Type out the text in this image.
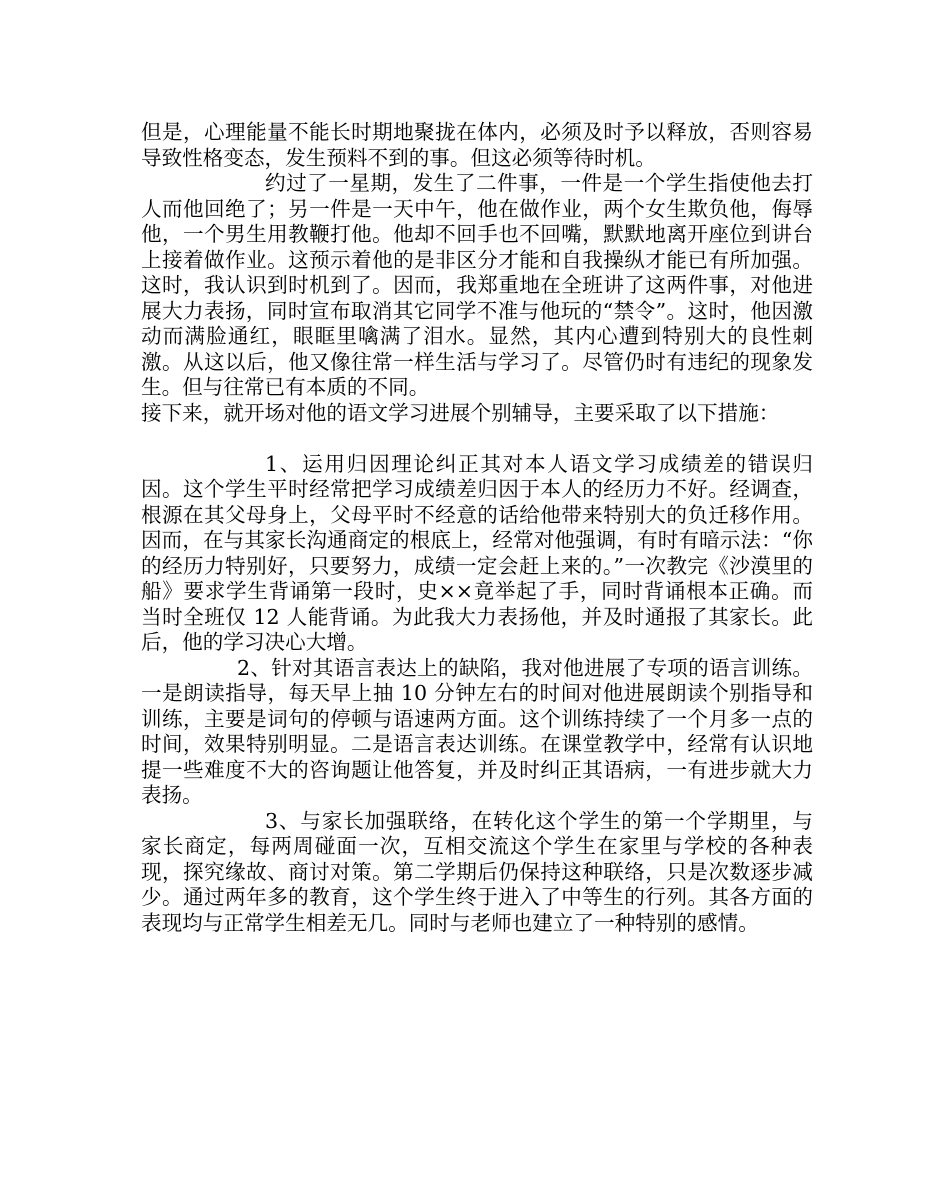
但是，心理能量不能长时期地聚拢在体内，必须及时予以释放，否则容易导致性格变态，发生预料不到的事。但这必须等待时机。

约过了一星期，发生了二件事，一件是一个学生指使他去打人而他回绝了；另一件是一天中午，他在做作业，两个女生欺负他，侮辱他，一个男生用教鞭打他。他却不回手也不回嘴，默默地离开座位到讲台上接着做作业。这预示着他的是非区分才能和自我操纵才能已有所加强。这时，我认识到时机到了。因而，我郑重地在全班讲了这两件事，对他进展大力表扬，同时宣布取消其它同学不准与他玩的“禁令”。这时，他因激动而满脸通红，眼眶里噙满了泪水。显然，其内心遭到特别大的良性刺激。从这以后，他又像往常一样生活与学习了。尽管仍时有违纪的现象发生。但与往常已有本质的不同。

接下来，就开场对他的语文学习进展个别辅导，主要采取了以下措施：

1、运用归因理论纠正其对本人语文学习成绩差的错误归因。这个学生平时经常把学习成绩差归因于本人的经历力不好。经调查，根源在其父母身上，父母平时不经意的话给他带来特别大的负迁移作用。因而，在与其家长沟通商定的根底上，经常对他强调，有时有暗示法：“你的经历力特别好，只要努力，成绩一定会赶上来的。”一次教完《沙漠里的船》要求学生背诵第一段时，史××竟举起了手，同时背诵根本正确。而当时全班仅 12 人能背诵。为此我大力表扬他，并及时通报了其家长。此后，他的学习决心大增。

2、针对其语言表达上的缺陷，我对他进展了专项的语言训练。一是朗读指导，每天早上抽 10 分钟左右的时间对他进展朗读个别指导和训练，主要是词句的停顿与语速两方面。这个训练持续了一个月多一点的时间，效果特别明显。二是语言表达训练。在课堂教学中，经常有认识地提一些难度不大的咨询题让他答复，并及时纠正其语病，一有进步就大力表扬。

3、与家长加强联络，在转化这个学生的第一个学期里，与家长商定，每两周碰面一次，互相交流这个学生在家里与学校的各种表现，探究缘故、商讨对策。第二学期后仍保持这种联络，只是次数逐步减少。通过两年多的教育，这个学生终于进入了中等生的行列。其各方面的表现均与正常学生相差无几。同时与老师也建立了一种特别的感情。
